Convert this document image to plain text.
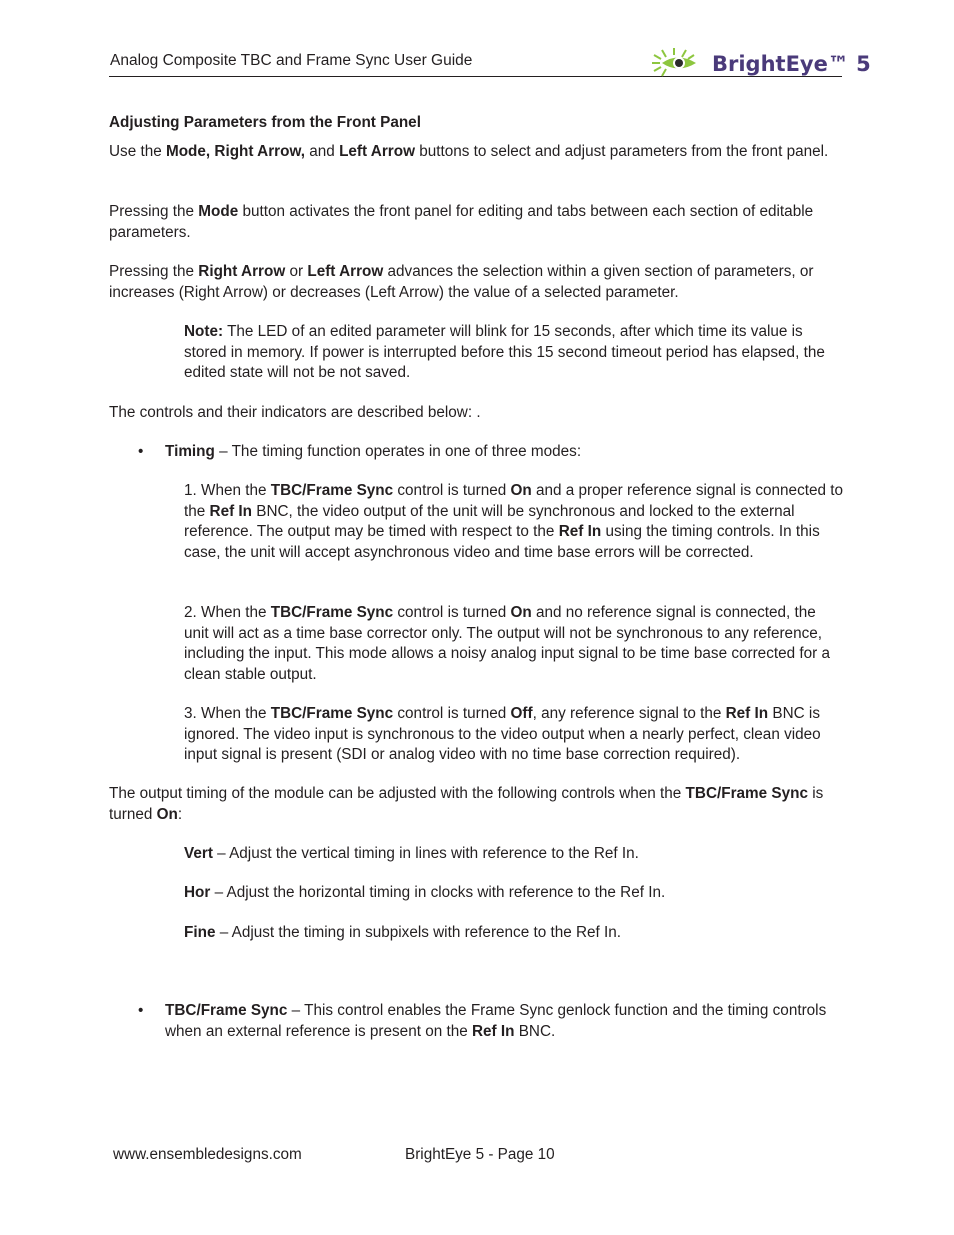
Analog Composite TBC and Frame Sync User Guide	BrightEye™ 5
Adjusting Parameters from the Front Panel
Use the Mode, Right Arrow, and Left Arrow buttons to select and adjust parameters from the front panel.
Pressing the Mode button activates the front panel for editing and tabs between each section of editable parameters.
Pressing the Right Arrow or Left Arrow advances the selection within a given section of parameters, or increases (Right Arrow) or decreases (Left Arrow) the value of a selected parameter.
Note: The LED of an edited parameter will blink for 15 seconds, after which time its value is stored in memory. If power is interrupted before this 15 second timeout period has elapsed, the edited state will not be not saved.
The controls and their indicators are described below: .
• Timing – The timing function operates in one of three modes:
1. When the TBC/Frame Sync control is turned On and a proper reference signal is connected to the Ref In BNC, the video output of the unit will be synchronous and locked to the external reference. The output may be timed with respect to the Ref In using the timing controls. In this case, the unit will accept asynchronous video and time base errors will be corrected.
2. When the TBC/Frame Sync control is turned On and no reference signal is connected, the unit will act as a time base corrector only. The output will not be synchronous to any reference, including the input. This mode allows a noisy analog input signal to be time base corrected for a clean stable output.
3. When the TBC/Frame Sync control is turned Off, any reference signal to the Ref In BNC is ignored. The video input is synchronous to the video output when a nearly perfect, clean video input signal is present (SDI or analog video with no time base correction required).
The output timing of the module can be adjusted with the following controls when the TBC/Frame Sync is turned On:
Vert – Adjust the vertical timing in lines with reference to the Ref In.
Hor – Adjust the horizontal timing in clocks with reference to the Ref In.
Fine – Adjust the timing in subpixels with reference to the Ref In.
• TBC/Frame Sync – This control enables the Frame Sync genlock function and the timing controls when an external reference is present on the Ref In BNC.
www.ensembledesigns.com	BrightEye 5 - Page 10
